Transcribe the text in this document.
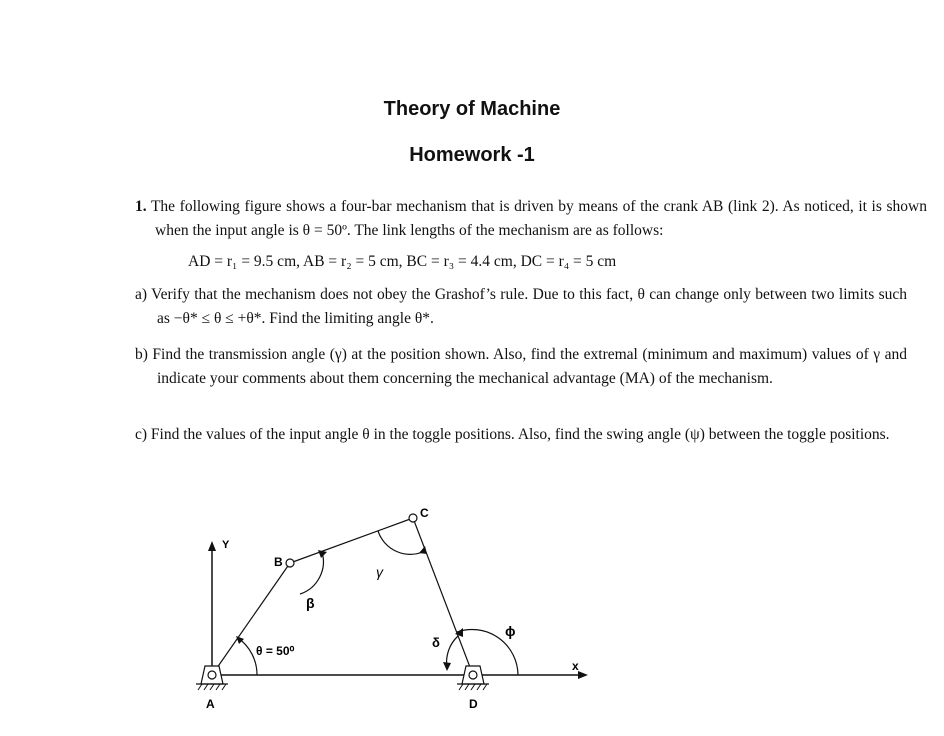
Theory of Machine
Homework -1
1. The following figure shows a four-bar mechanism that is driven by means of the crank AB (link 2). As noticed, it is shown when the input angle is θ = 50º. The link lengths of the mechanism are as follows:
AD = r₁ = 9.5 cm, AB = r₂ = 5 cm, BC = r₃ = 4.4 cm, DC = r₄ = 5 cm
a) Verify that the mechanism does not obey the Grashof’s rule. Due to this fact, θ can change only between two limits such as −θ* ≤ θ ≤ +θ*. Find the limiting angle θ*.
b) Find the transmission angle (γ) at the position shown. Also, find the extremal (minimum and maximum) values of γ and indicate your comments about them concerning the mechanical advantage (MA) of the mechanism.
c) Find the values of the input angle θ in the toggle positions. Also, find the swing angle (ψ) between the toggle positions.
Y
x
A	D
B
C
θ = 50⁰
β
γ
δ
ϕ
